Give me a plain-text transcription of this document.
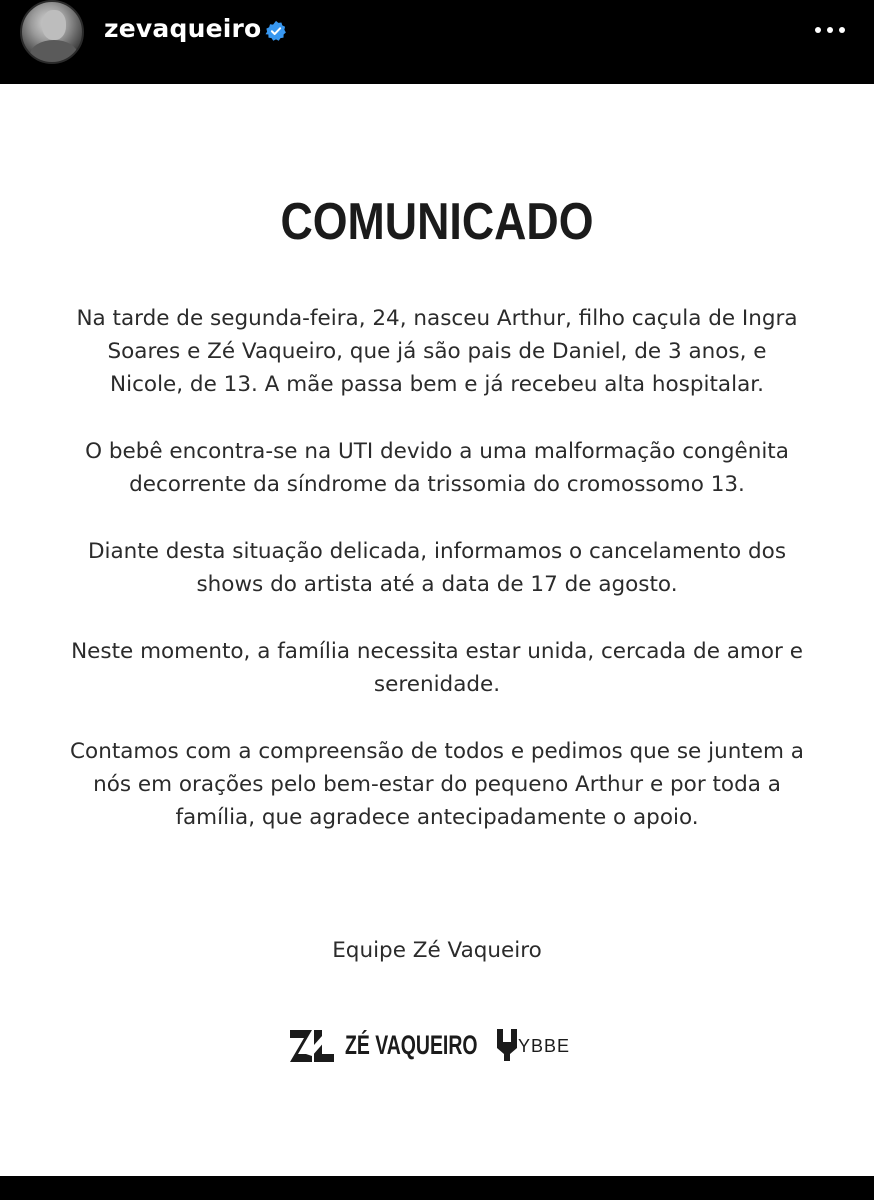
zevaqueiro
COMUNICADO

Na tarde de segunda-feira, 24, nasceu Arthur, filho caçula de Ingra Soares e Zé Vaqueiro, que já são pais de Daniel, de 3 anos, e Nicole, de 13. A mãe passa bem e já recebeu alta hospitalar.

O bebê encontra-se na UTI devido a uma malformação congênita decorrente da síndrome da trissomia do cromossomo 13.

Diante desta situação delicada, informamos o cancelamento dos shows do artista até a data de 17 de agosto.

Neste momento, a família necessita estar unida, cercada de amor e serenidade.

Contamos com a compreensão de todos e pedimos que se juntem a nós em orações pelo bem-estar do pequeno Arthur e por toda a família, que agradece antecipadamente o apoio.

Equipe Zé Vaqueiro
ZÉ VAQUEIRO YBBE
